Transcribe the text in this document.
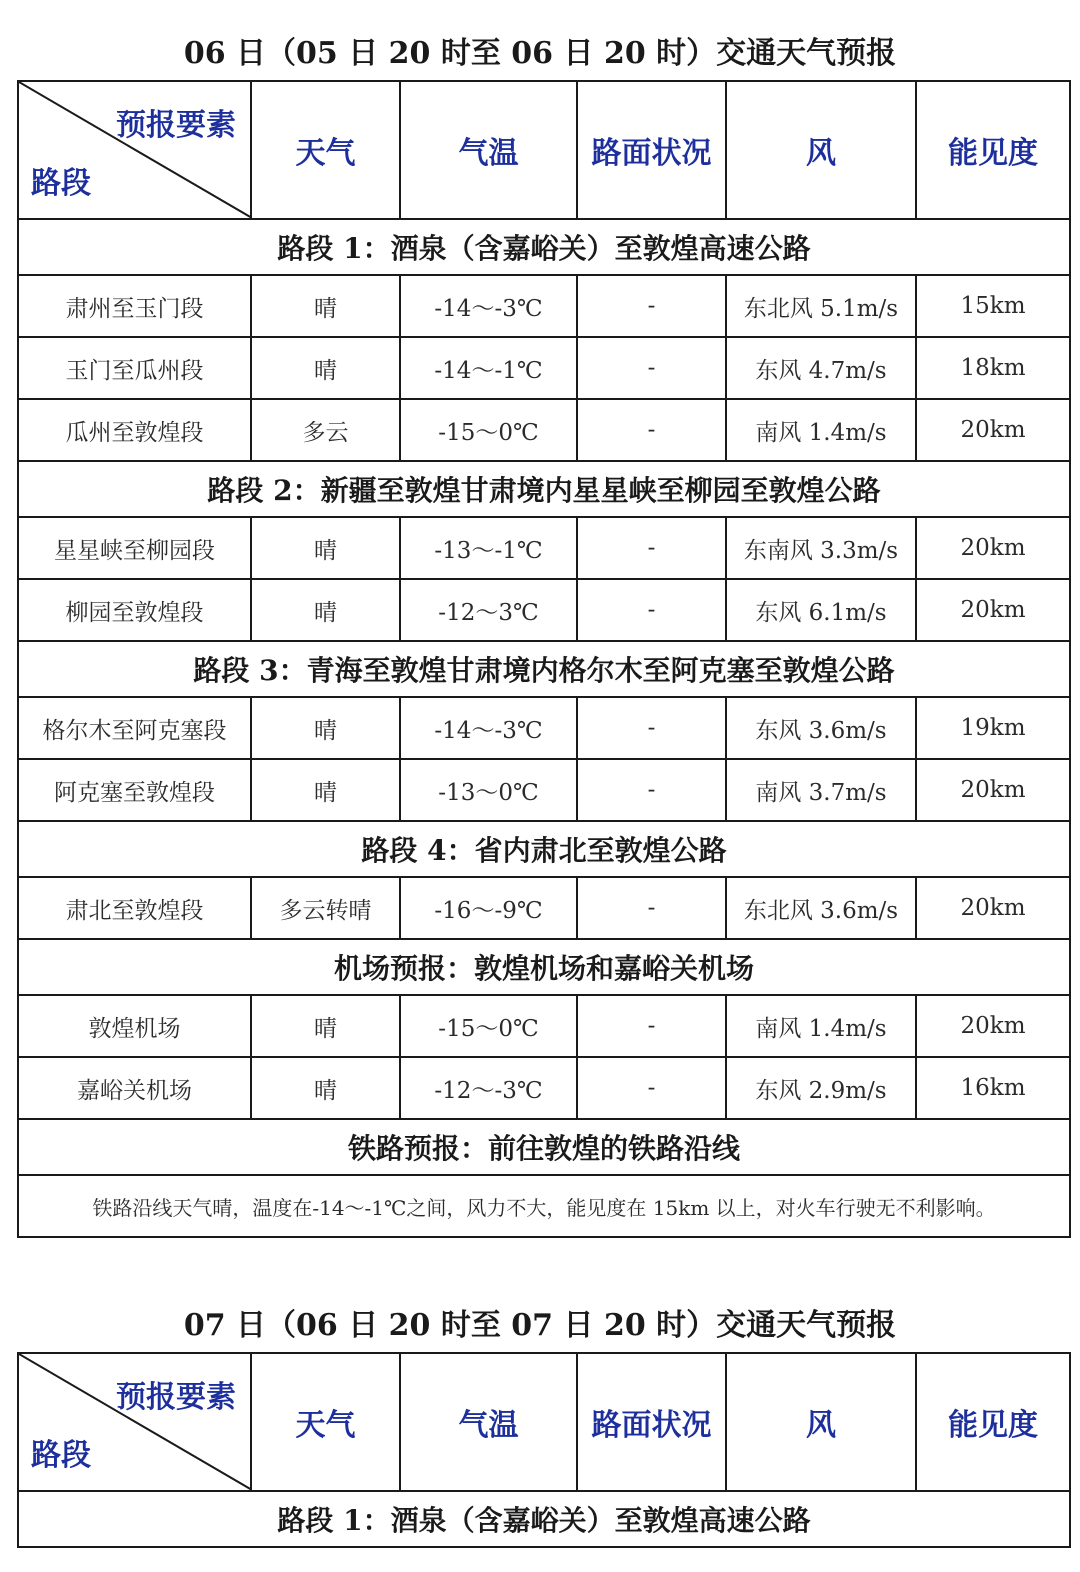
06 日（05 日 20 时至 06 日 20 时）交通天气预报
预报要素
路段	天气	气温	路面状况	风	能见度
路段 1：酒泉（含嘉峪关）至敦煌高速公路					
肃州至玉门段	晴	-14～-3℃	-	东北风 5.1m/s	15km
玉门至瓜州段	晴	-14～-1℃	-	东风 4.7m/s	18km
瓜州至敦煌段	多云	-15～0℃	-	南风 1.4m/s	20km
路段 2：新疆至敦煌甘肃境内星星峡至柳园至敦煌公路					
星星峡至柳园段	晴	-13～-1℃	-	东南风 3.3m/s	20km
柳园至敦煌段	晴	-12～3℃	-	东风 6.1m/s	20km
路段 3：青海至敦煌甘肃境内格尔木至阿克塞至敦煌公路					
格尔木至阿克塞段	晴	-14～-3℃	-	东风 3.6m/s	19km
阿克塞至敦煌段	晴	-13～0℃	-	南风 3.7m/s	20km
路段 4：省内肃北至敦煌公路					
肃北至敦煌段	多云转晴	-16～-9℃	-	东北风 3.6m/s	20km
机场预报：敦煌机场和嘉峪关机场					
敦煌机场	晴	-15～0℃	-	南风 1.4m/s	20km
嘉峪关机场	晴	-12～-3℃	-	东风 2.9m/s	16km
铁路预报：前往敦煌的铁路沿线					
铁路沿线天气晴，温度在-14～-1℃之间，风力不大，能见度在 15km 以上，对火车行驶无不利影响。					
07 日（06 日 20 时至 07 日 20 时）交通天气预报
预报要素
路段
	天气	气温	路面状况	风	能见度
路段 1：酒泉（含嘉峪关）至敦煌高速公路
